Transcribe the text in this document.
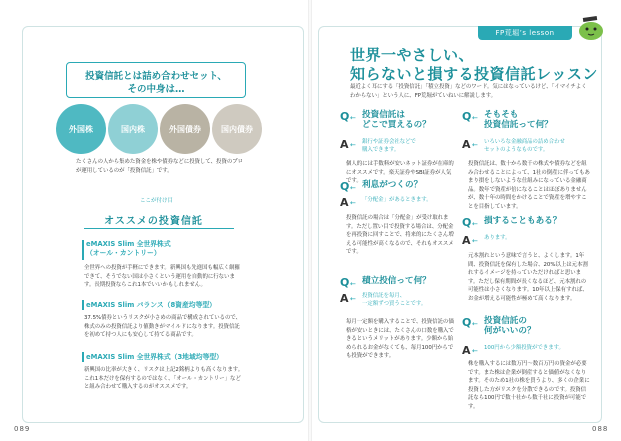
089	088
投資信託とは詰め合わせセット、
その中身は…
外国株	国内株	外国債券	国内債券
たくさんの人から集めた資金を株や債券などに投資して、投資のプロが運用しているのが「投資信託」です。
ここが付け目
オススメの投資信託
eMAXIS Slim 全世界株式
（オール・カントリー）
全世界への投資が手軽にできます。新興国も先進国も幅広く網羅できて、そうでない国は小さくという運用を自動的に行ないます。長期投資ならこれ1本でいいかもしれません。
eMAXIS Slim バランス（8資産均等型）
37.5%債券というリスクが小さめの商品で構成されているので、株式のみの投資信託より値動きがマイルドになります。投資信託を初めて持つ人にも安心して持てる商品です。
eMAXIS Slim 全世界株式（3地域均等型）
新興国の比率が大きく、リスクは上記2銘柄よりも高くなります。これ1本だけを保有するのではなく、「オール・カントリー」などと組み合わせて購入するのがオススメです。
FP荒堀’s lesson
世界一やさしい、
知らないと損する投資信託レッスン
最近よく耳にする「投資信託」「積立投資」などのワード。気にはなっているけど、「イマイチよくわからない」という人に、FP荒堀がていねいに解説します。
Q ← 投資信託は
どこで買えるの？
A ← 銀行や証券会社などで
購入できます。
個人的には手数料が安いネット証券が在庫的にオススメです。楽天証券やSBI証券が人気です。
Q ← 利息がつくの？
A ← 「分配金」があるときます。
投資信託の場合は「分配金」が受け取れます。ただし置い目で投資する場合は、分配金を再投資に回すことで、将来的にたくさん増える可能性が高くなるので、それもオススメです。
Q ← 積立投信って何？
A ← 投資信託を毎月、
一定額ずつ買うことです。
毎月一定額を購入することで、投資信託の価格が安いときには、たくさんの口数を購入できるというメリットがあります。少額から始められるお金がなくても、毎月100円からでも投資ができます。
Q ← そもそも
投資信託って何？
A ← いろいろな金融商品の詰め合わせ
セットのようなものです。
投資信託は、数十から数千の株式や債券などを組み合わせることによって、1社の倒産に伴ってもあまり損をしないような仕組みになっている金融商品。数年で資産が倍になることはほぼありませんが、数十年の時間をかけることで資産を増やすことを目指しています。
Q ← 損することもある？
A ← あります。
元本割れという意味で言うと、よくします。1年間、投資信託を保有した場合、20%以上は元本割れするイメージを持っていただければと思います。ただし保有期間が長くなるほど、元本割れの可能性は小さくなります。10年以上保有すれば、お金が増える可能性が極めて高くなります。
Q ← 投資信託の
何がいいの？
A ← 100円から少額投資ができます。
株を購入するには数万円〜数百万円の資金が必要です。また株は企業が倒産すると価値がなくなります。そのため1社の株を買うより、多くの企業に投資した方がリスクを分散できるのです。投資信託なら100円で数十社から数千社に投資が可能です。
